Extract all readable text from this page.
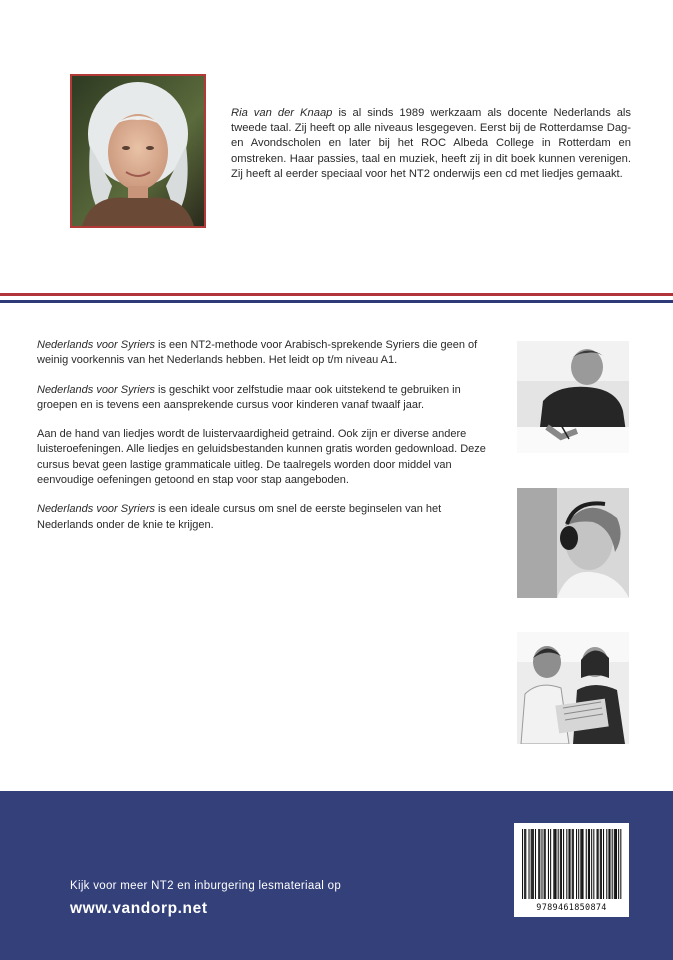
Ria van der Knaap is al sinds 1989 werkzaam als docente Nederlands als tweede taal. Zij heeft op alle niveaus lesgegeven. Eerst bij de Rotterdamse Dag-en Avondscholen en later bij het ROC Albeda College in Rotterdam en omstreken. Haar passies, taal en muziek, heeft zij in dit boek kunnen verenigen. Zij heeft al eerder speciaal voor het NT2 onderwijs een cd met liedjes gemaakt.

Nederlands voor Syriers is een NT2-methode voor Arabisch-sprekende Syriers die geen of weinig voorkennis van het Nederlands hebben. Het leidt op t/m niveau A1.

Nederlands voor Syriers is geschikt voor zelfstudie maar ook uitstekend te gebruiken in groepen en is tevens een aansprekende cursus voor kinderen vanaf twaalf jaar.

Aan de hand van liedjes wordt de luistervaardigheid getraind. Ook zijn er diverse andere luisteroefeningen. Alle liedjes en geluidsbestanden kunnen gratis worden gedownload. Deze cursus bevat geen lastige grammaticale uitleg. De taalregels worden door middel van eenvoudige oefeningen getoond en stap voor stap aangeboden.

Nederlands voor Syriers is een ideale cursus om snel de eerste beginselen van het Nederlands onder de knie te krijgen.

Kijk voor meer NT2 en inburgering lesmateriaal op
www.vandorp.net	9789461850874
